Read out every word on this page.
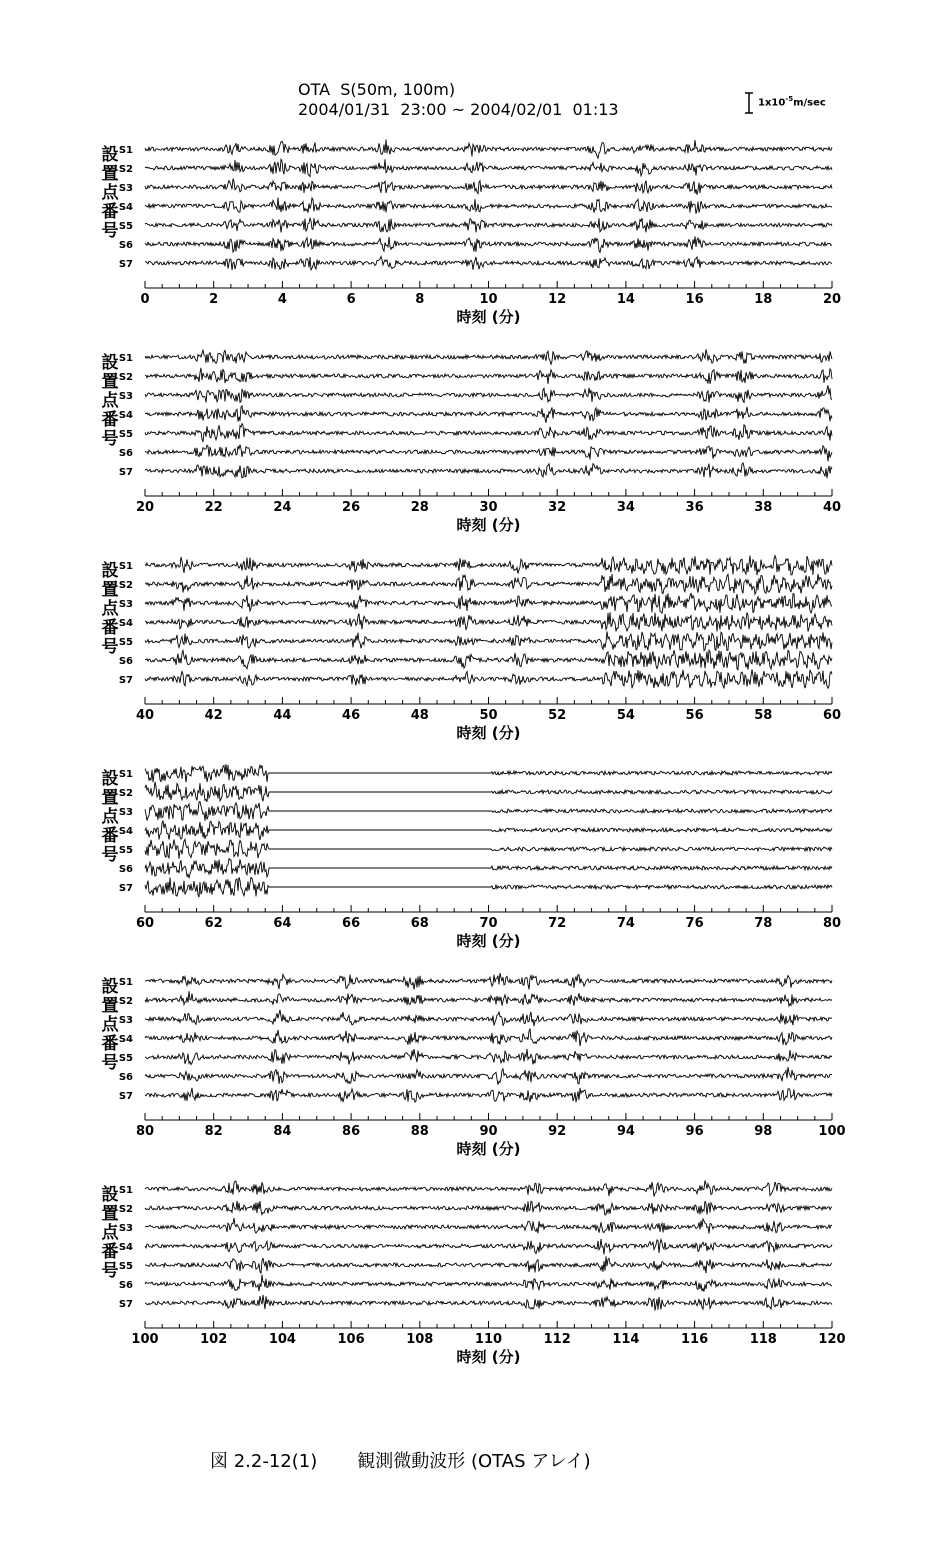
OTA  S(50m, 100m)
2004/01/31  23:00 ~ 2004/02/01  01:13	$1x10^{-5}m/\sec$
設置点番号
S1
S2
S3
S4
S5
S6
S7
0	2	4	6	8	10	12	14	16	18	20
時刻 (分)
設置点番号
S1
S2
S3
S4
S5
S6
S7
20	22	24	26	28	30	32	34	36	38	40
時刻 (分)
設置点番号
S1
S2
S3
S4
S5
S6
S7
40	42	44	46	48	50	52	54	56	58	60
時刻 (分)
設置点番号
S1
S2
S3
S4
S5
S6
S7
60	62	64	66	68	70	72	74	76	78	80
時刻 (分)
設置点番号
S1
S2
S3
S4
S5
S6
S7
80	82	84	86	88	90	92	94	96	98	100
時刻 (分)
設置点番号
S1
S2
S3
S4
S5
S6
S7
100	102	104	106	108	110	112	114	116	118	120
時刻 (分)
図 2.2-12(1) 観測微動波形 (OTAS アレイ)
